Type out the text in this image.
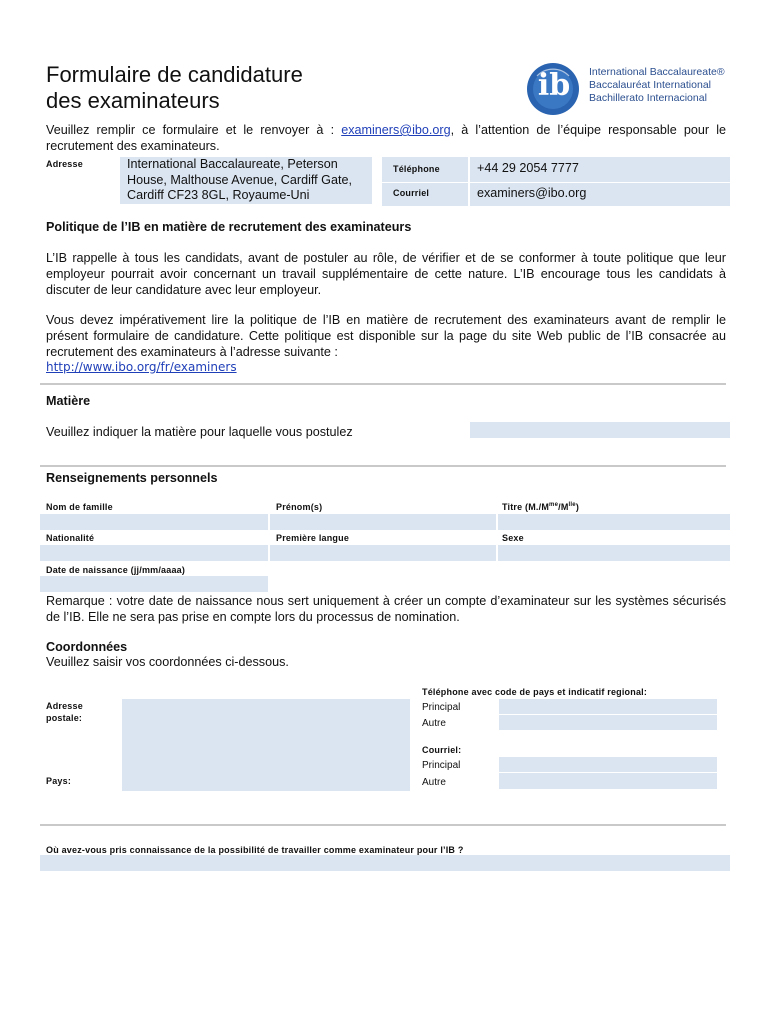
Formulaire de candidature
des examinateurs	ib	International Baccalaureate®
Baccalauréat International
Bachillerato Internacional
Veuillez remplir ce formulaire et le renvoyer à : examiners@ibo.org, à l’attention de l’équipe responsable pour le recrutement des examinateurs.
Adresse	International Baccalaureate, Peterson House, Malthouse Avenue, Cardiff Gate, Cardiff CF23 8GL, Royaume-Uni
Téléphone	+44 29 2054 7777
Courriel	examiners@ibo.org
Politique de l’IB en matière de recrutement des examinateurs
L’IB rappelle à tous les candidats, avant de postuler au rôle, de vérifier et de se conformer à toute politique que leur employeur pourrait avoir concernant un travail supplémentaire de cette nature. L’IB encourage tous les candidats à discuter de leur candidature avec leur employeur.
Vous devez impérativement lire la politique de l’IB en matière de recrutement des examinateurs avant de remplir le présent formulaire de candidature. Cette politique est disponible sur la page du site Web public de l’IB consacrée au recrutement des examinateurs à l’adresse suivante :
http://www.ibo.org/fr/examiners
Matière
Veuillez indiquer la matière pour laquelle vous postulez
Renseignements personnels
Nom de famille	Prénom(s)	Titre $(M./M^{me}/M^{lle})$
Nationalité	Première langue	Sexe
Date de naissance (jj/mm/aaaa)
Remarque : votre date de naissance nous sert uniquement à créer un compte d’examinateur sur les systèmes sécurisés de l’IB. Elle ne sera pas prise en compte lors du processus de nomination.
Coordonnées
Veuillez saisir vos coordonnées ci-dessous.
Adresse
postale:
Pays:
Téléphone avec code de pays et indicatif regional:
Principal
Autre
Courriel:
Principal
Autre
Où avez-vous pris connaissance de la possibilité de travailler comme examinateur pour l’IB ?
